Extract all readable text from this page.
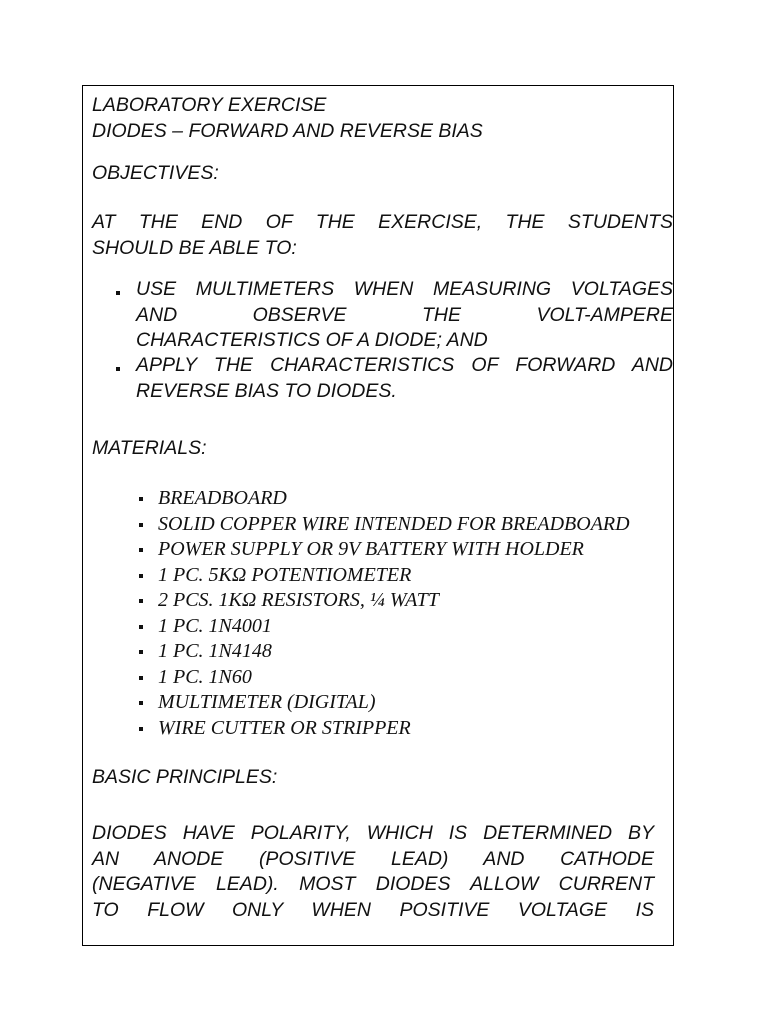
LABORATORY EXERCISE

DIODES – FORWARD AND REVERSE BIAS

OBJECTIVES:

AT THE END OF THE EXERCISE, THE STUDENTS

SHOULD BE ABLE TO:

USE MULTIMETERS WHEN MEASURING VOLTAGES

AND OBSERVE THE VOLT-AMPERE

CHARACTERISTICS OF A DIODE; AND

APPLY THE CHARACTERISTICS OF FORWARD AND

REVERSE BIAS TO DIODES.

MATERIALS:

BREADBOARD
SOLID COPPER WIRE INTENDED FOR BREADBOARD
POWER SUPPLY OR 9V BATTERY WITH HOLDER
1 PC. 5KΩ POTENTIOMETER
2 PCS. 1KΩ RESISTORS, ¼ WATT
1 PC. 1N4001
1 PC. 1N4148
1 PC. 1N60
MULTIMETER (DIGITAL)
WIRE CUTTER OR STRIPPER

BASIC PRINCIPLES:

DIODES HAVE POLARITY, WHICH IS DETERMINED BY

AN ANODE (POSITIVE LEAD) AND CATHODE

(NEGATIVE LEAD). MOST DIODES ALLOW CURRENT

TO FLOW ONLY WHEN POSITIVE VOLTAGE IS
